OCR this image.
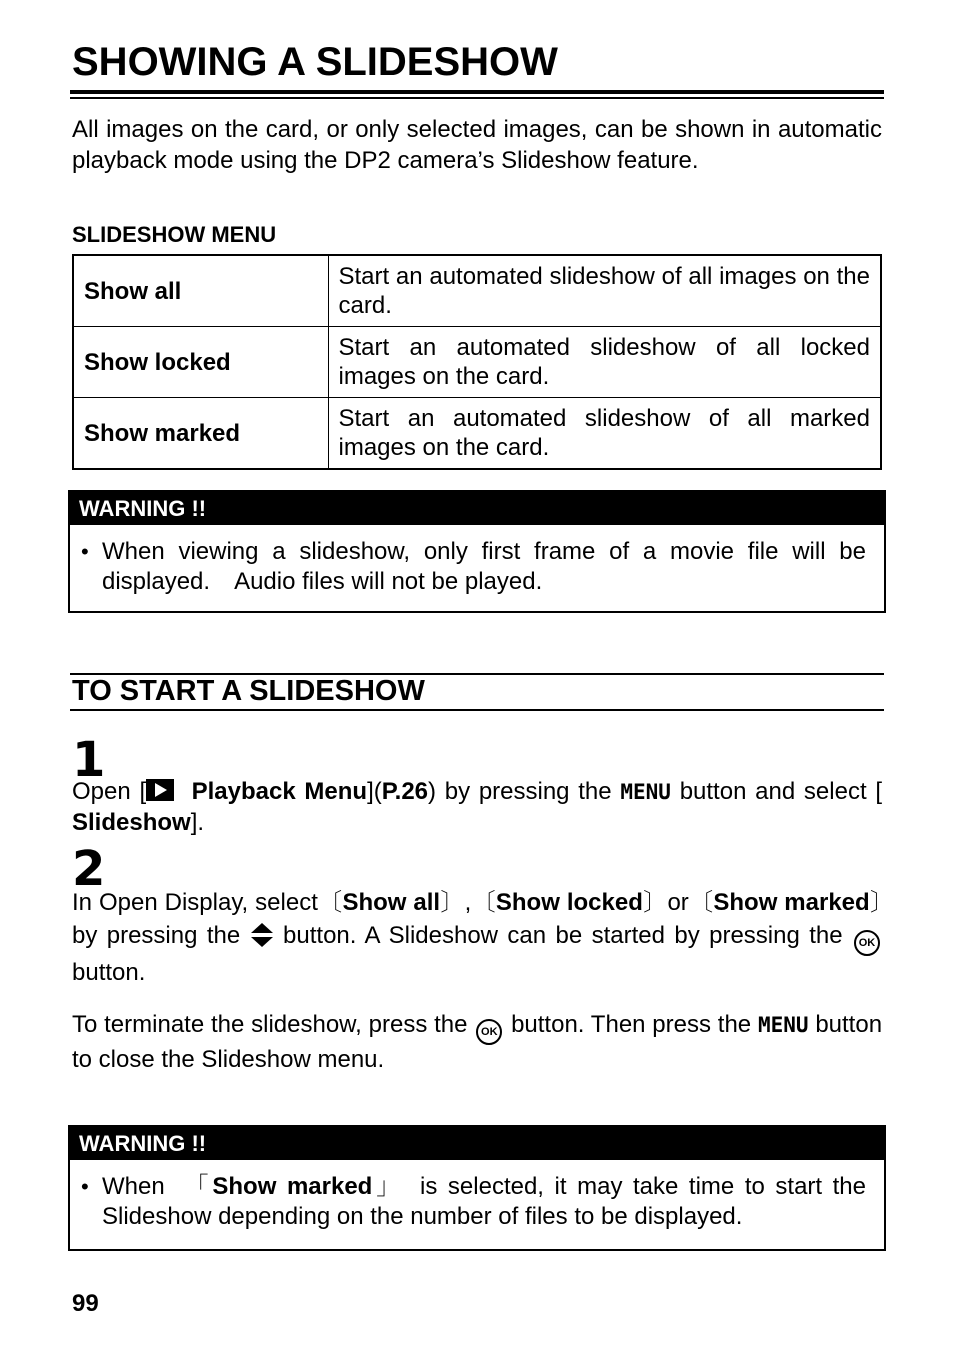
SHOWING A SLIDESHOW
All images on the card, or only selected images, can be shown in automatic playback mode using the DP2 camera’s Slideshow feature.
SLIDESHOW MENU
Show all	Start an automated slideshow of all images on the card.
Show locked	Start an automated slideshow of all locked images on the card.
Show marked	Start an automated slideshow of all marked images on the card.
WARNING !!
• When viewing a slideshow, only first frame of a movie file will be displayed.　Audio files will not be played.
TO START A SLIDESHOW
1
Open [ Playback Menu](P.26) by pressing the MENU button and select [
Slideshow].
2
In Open Display, select〔Show all〕,〔Show locked〕or〔Show marked〕by pressing the button. A Slideshow can be started by pressing the OK button.
To terminate the slideshow, press the OK button. Then press the MENU button to close the Slideshow menu.
WARNING !!
• When　「Show marked」　is selected, it may take time to start the Slideshow depending on the number of files to be displayed.
99
